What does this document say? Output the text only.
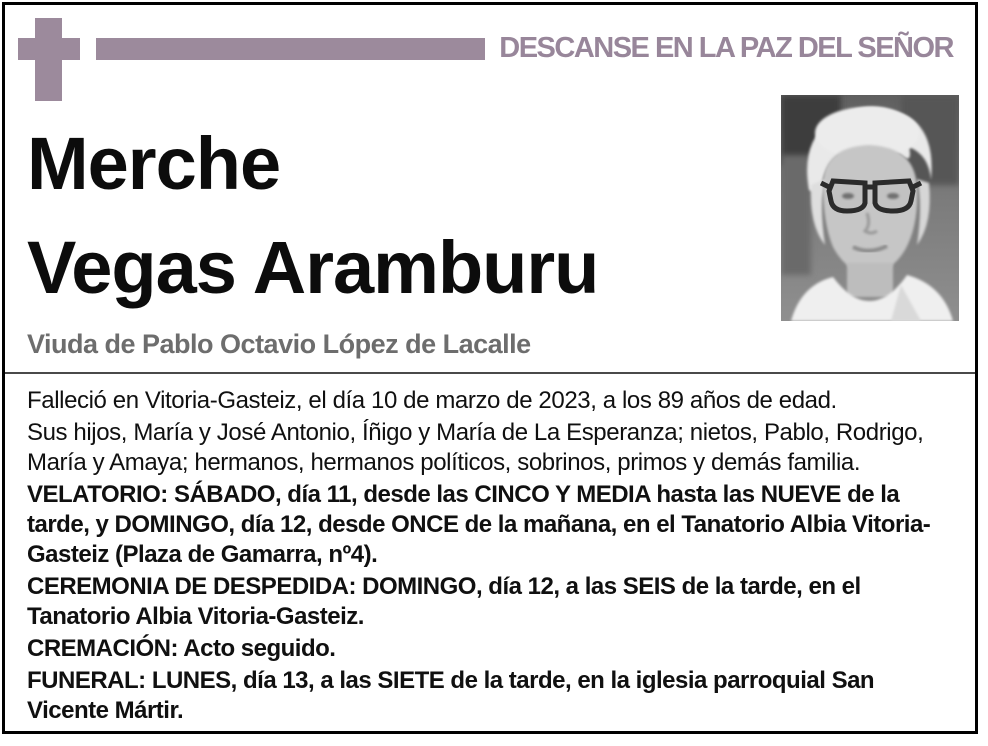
DESCANSE EN LA PAZ DEL SEÑOR
Merche
Vegas Aramburu
Viuda de Pablo Octavio López de Lacalle

Falleció en Vitoria-Gasteiz, el día 10 de marzo de 2023, a los 89 años de edad.

Sus hijos, María y José Antonio, Íñigo y María de La Esperanza; nietos, Pablo, Rodrigo, María y Amaya; hermanos, hermanos políticos, sobrinos, primos y demás familia.

VELATORIO: SÁBADO, día 11, desde las CINCO Y MEDIA hasta las NUEVE de la tarde, y DOMINGO, día 12, desde ONCE de la mañana, en el Tanatorio Albia Vitoria-Gasteiz (Plaza de Gamarra, nº4).

CEREMONIA DE DESPEDIDA: DOMINGO, día 12, a las SEIS de la tarde, en el Tanatorio Albia Vitoria-Gasteiz.

CREMACIÓN: Acto seguido.

FUNERAL: LUNES, día 13, a las SIETE de la tarde, en la iglesia parroquial San Vicente Mártir.
